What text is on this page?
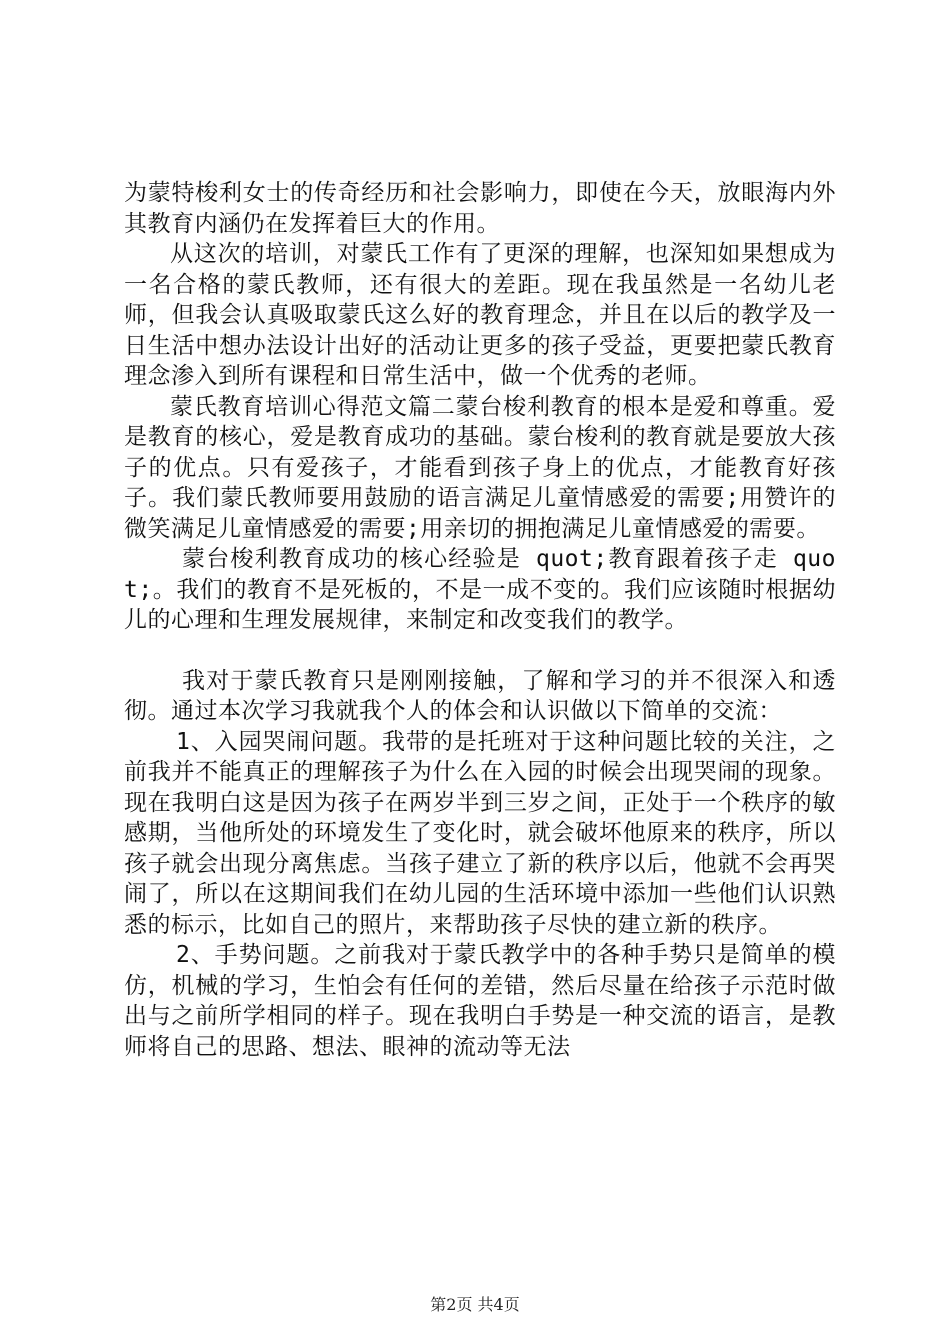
为蒙特梭利女士的传奇经历和社会影响力，即使在今天，放眼海内外其教育内涵仍在发挥着巨大的作用。

从这次的培训，对蒙氏工作有了更深的理解，也深知如果想成为一名合格的蒙氏教师，还有很大的差距。现在我虽然是一名幼儿老师，但我会认真吸取蒙氏这么好的教育理念，并且在以后的教学及一日生活中想办法设计出好的活动让更多的孩子受益，更要把蒙氏教育理念渗入到所有课程和日常生活中，做一个优秀的老师。

蒙氏教育培训心得范文篇二蒙台梭利教育的根本是爱和尊重。爱是教育的核心，爱是教育成功的基础。蒙台梭利的教育就是要放大孩子的优点。只有爱孩子，才能看到孩子身上的优点，才能教育好孩子。我们蒙氏教师要用鼓励的语言满足儿童情感爱的需要;用赞许的微笑满足儿童情感爱的需要;用亲切的拥抱满足儿童情感爱的需要。

蒙台梭利教育成功的核心经验是 quot;教育跟着孩子走 quot;。我们的教育不是死板的，不是一成不变的。我们应该随时根据幼儿的心理和生理发展规律，来制定和改变我们的教学。

我对于蒙氏教育只是刚刚接触，了解和学习的并不很深入和透彻。通过本次学习我就我个人的体会和认识做以下简单的交流：

1、入园哭闹问题。我带的是托班对于这种问题比较的关注，之前我并不能真正的理解孩子为什么在入园的时候会出现哭闹的现象。现在我明白这是因为孩子在两岁半到三岁之间，正处于一个秩序的敏感期，当他所处的环境发生了变化时，就会破坏他原来的秩序，所以孩子就会出现分离焦虑。当孩子建立了新的秩序以后，他就不会再哭闹了，所以在这期间我们在幼儿园的生活环境中添加一些他们认识熟悉的标示，比如自己的照片，来帮助孩子尽快的建立新的秩序。

2、手势问题。之前我对于蒙氏教学中的各种手势只是简单的模仿，机械的学习，生怕会有任何的差错，然后尽量在给孩子示范时做出与之前所学相同的样子。现在我明白手势是一种交流的语言，是教师将自己的思路、想法、眼神的流动等无法

第2页 共4页
